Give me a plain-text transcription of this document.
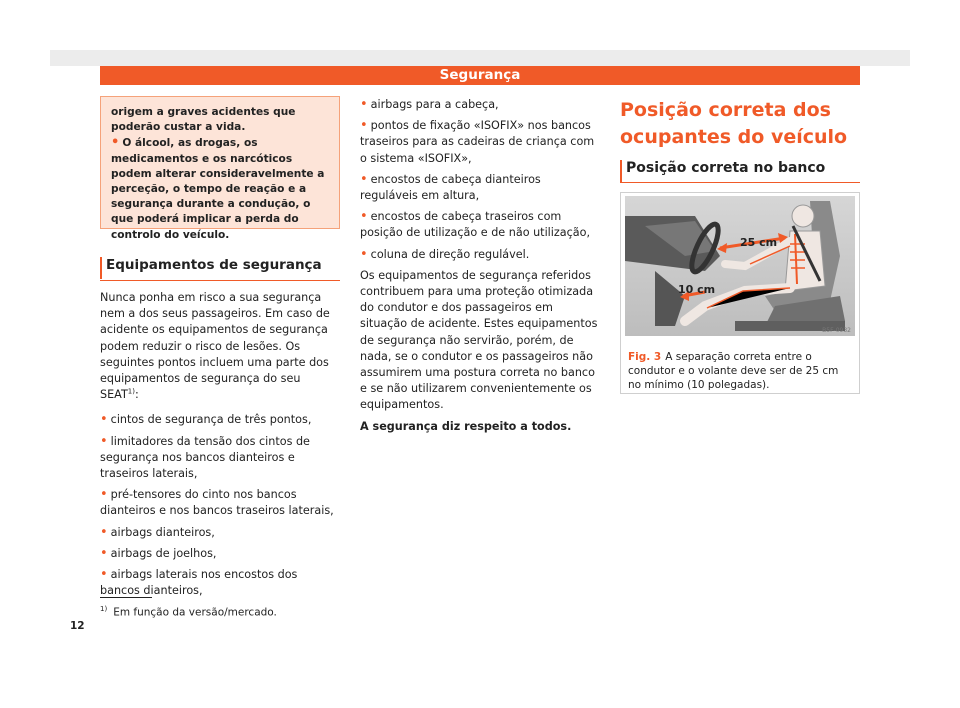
Segurança

origem a graves acidentes que poderão custar a vida.

• O álcool, as drogas, os medicamentos e os narcóticos podem alterar consideravelmente a perceção, o tempo de reação e a segurança durante a condução, o que poderá implicar a perda do controlo do veículo.

Equipamentos de segurança

Nunca ponha em risco a sua segurança nem a dos seus passageiros. Em caso de acidente os equipamentos de segurança podem reduzir o risco de lesões. Os seguintes pontos incluem uma parte dos equipamentos de segurança do seu SEAT$^{1)}$:

• cintos de segurança de três pontos,

• limitadores da tensão dos cintos de segurança nos bancos dianteiros e traseiros laterais,

• pré-tensores do cinto nos bancos dianteiros e nos bancos traseiros laterais,

• airbags dianteiros,

• airbags de joelhos,

• airbags laterais nos encostos dos bancos dianteiros,

• airbags para a cabeça,

• pontos de fixação «ISOFIX» nos bancos traseiros para as cadeiras de criança com o sistema «ISOFIX»,

• encostos de cabeça dianteiros reguláveis em altura,

• encostos de cabeça traseiros com posição de utilização e de não utilização,

• coluna de direção regulável.

Os equipamentos de segurança referidos contribuem para uma proteção otimizada do condutor e dos passageiros em situação de acidente. Estes equipamentos de segurança não servirão, porém, de nada, se o condutor e os passageiros não assumirem uma postura correta no banco e se não utilizarem convenientemente os equipamentos.

A segurança diz respeito a todos.

Posição correta dos ocupantes do veículo
Posição correta no banco
25 cm
10 cm
B5F-0932
Fig. 3 A separação correta entre o condutor e o volante deve ser de 25 cm no mínimo (10 polegadas).
$^{1)}$ Em função da versão/mercado.
12
